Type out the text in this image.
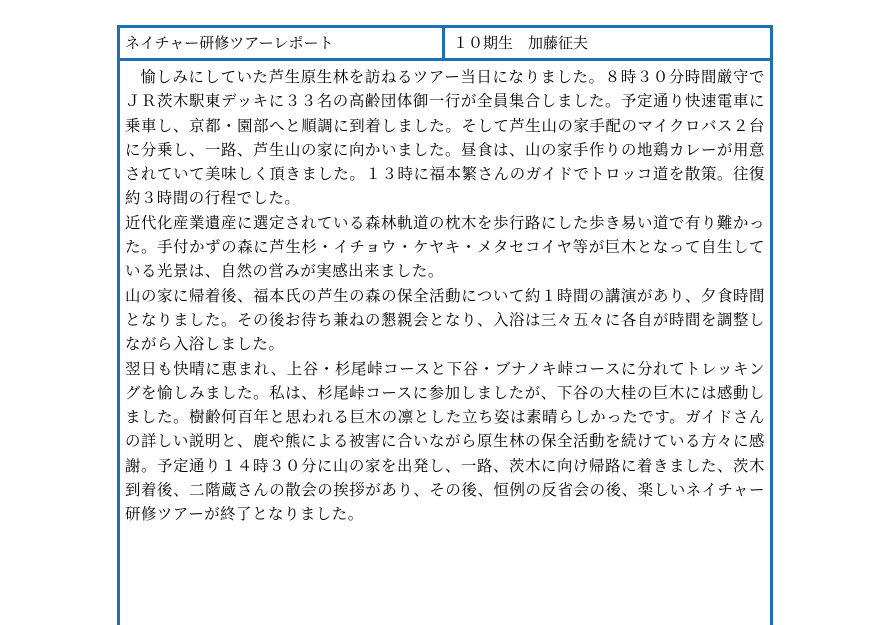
ネイチャー研修ツアーレポート	１０期生　加藤征夫

愉しみにしていた芦生原生林を訪ねるツアー当日になりました。８時３０分時間厳守でＪＲ茨木駅東デッキに３３名の高齢団体御一行が全員集合しました。予定通り快速電車に乗車し、京都・園部へと順調に到着しました。そして芦生山の家手配のマイクロバス２台に分乗し、一路、芦生山の家に向かいました。昼食は、山の家手作りの地鶏カレーが用意されていて美味しく頂きました。１３時に福本繁さんのガイドでトロッコ道を散策。往復約３時間の行程でした。

近代化産業遺産に選定されている森林軌道の枕木を歩行路にした歩き易い道で有り難かった。手付かずの森に芦生杉・イチョウ・ケヤキ・メタセコイヤ等が巨木となって自生している光景は、自然の営みが実感出来ました。

山の家に帰着後、福本氏の芦生の森の保全活動について約１時間の講演があり、夕食時間となりました。その後お待ち兼ねの懇親会となり、入浴は三々五々に各自が時間を調整しながら入浴しました。

翌日も快晴に恵まれ、上谷・杉尾峠コースと下谷・ブナノキ峠コースに分れてトレッキングを愉しみました。私は、杉尾峠コースに参加しましたが、下谷の大桂の巨木には感動しました。樹齢何百年と思われる巨木の凛とした立ち姿は素晴らしかったです。ガイドさんの詳しい説明と、鹿や熊による被害に合いながら原生林の保全活動を続けている方々に感謝。予定通り１４時３０分に山の家を出発し、一路、茨木に向け帰路に着きました、茨木到着後、二階蔵さんの散会の挨拶があり、その後、恒例の反省会の後、楽しいネイチャー研修ツアーが終了となりました。
